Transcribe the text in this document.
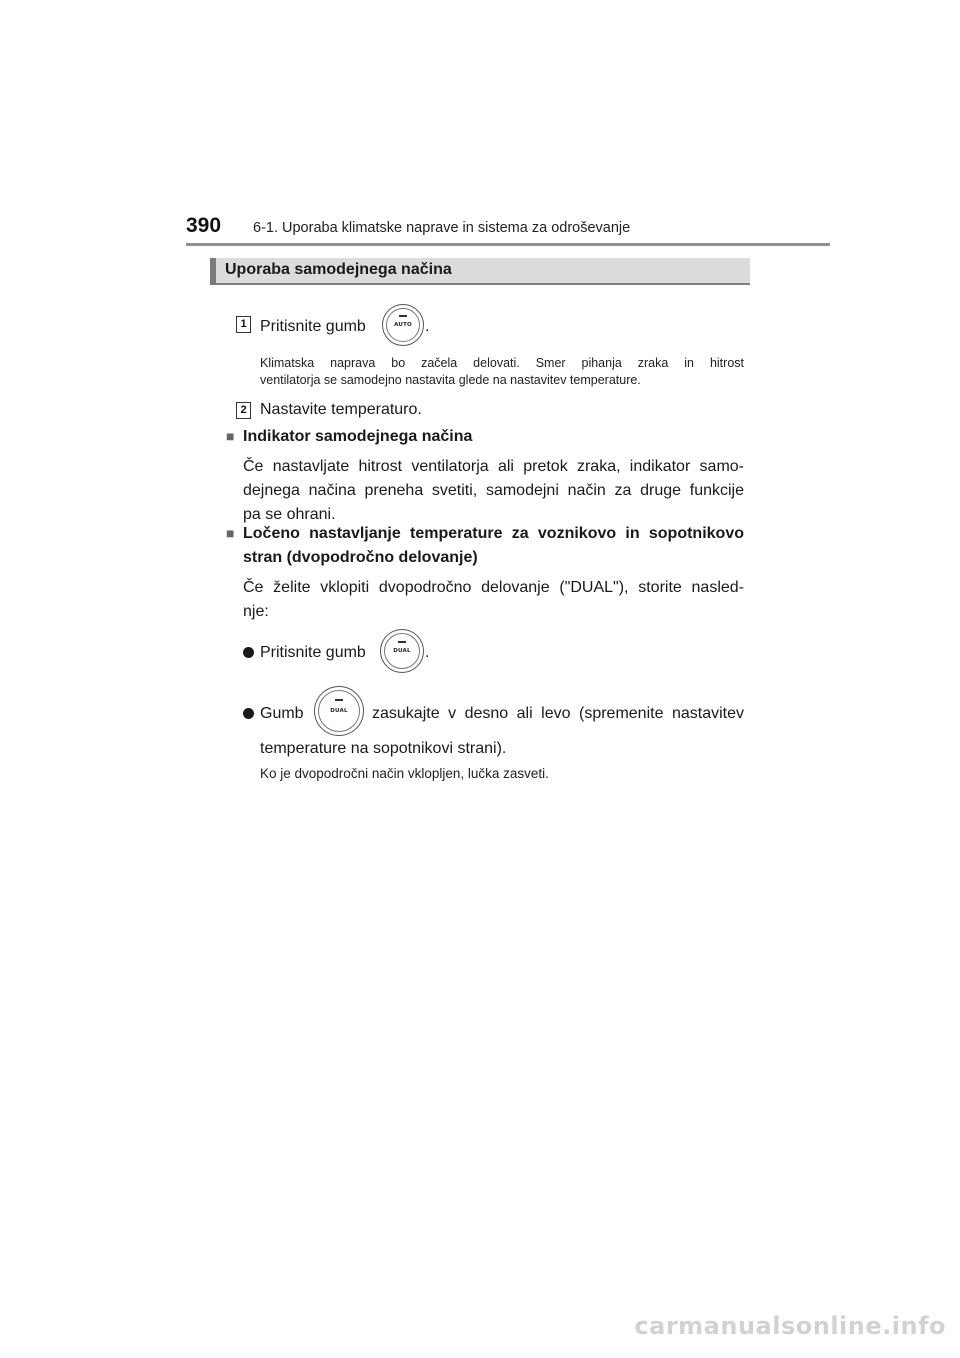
390 6-1. Uporaba klimatske naprave in sistema za odroševanje
Uporaba samodejnega načina
1 Pritisnite gumb	AUTO .
Klimatska naprava bo začela delovati. Smer pihanja zraka in hitrost
ventilatorja se samodejno nastavita glede na nastavitev temperature.
2 Nastavite temperaturo.
■ Indikator samodejnega načina
Če nastavljate hitrost ventilatorja ali pretok zraka, indikator samo-
dejnega načina preneha svetiti, samodejni način za druge funkcije
pa se ohrani.
■ Ločeno nastavljanje temperature za voznikovo in sopotnikovo
stran (dvopodročno delovanje)
Če želite vklopiti dvopodročno delovanje ("DUAL"), storite nasled-
nje:
Pritisnite gumb	DUAL .
Gumb	DUAL	zasukajte v desno ali levo (spremenite nastavitev
temperature na sopotnikovi strani).
Ko je dvopodročni način vklopljen, lučka zasveti.
carmanualsonline.info
